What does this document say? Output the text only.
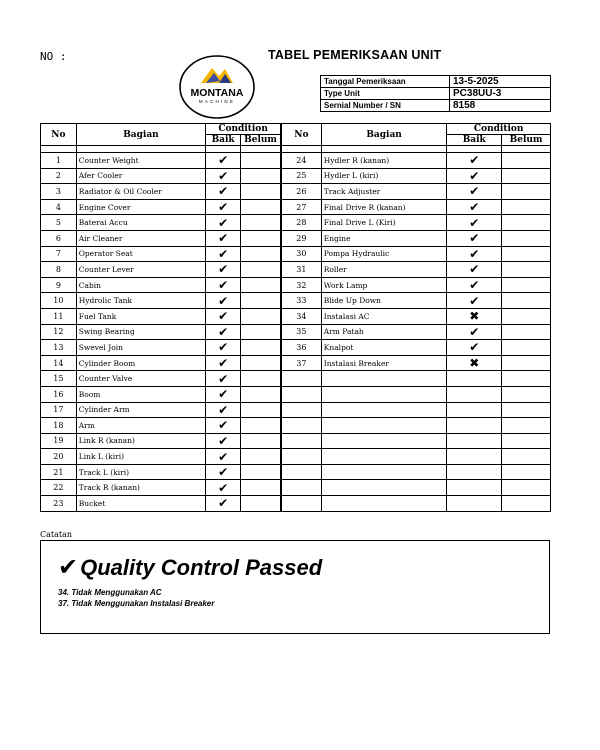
NO :	TABEL PEMERIKSAAN UNIT
MONTANA
MACHINE
Tanggal Pemeriksaan	13-5-2025
Type Unit	PC38UU-3
Sernial Number / SN	8158
No	Bagian	Condition	
		Baik	Belum

1	Counter Weight	✔	
2	Afer Cooler	✔	
3	Radiator & Oil Cooler	✔	
4	Engine Cover	✔	
5	Baterai Accu	✔	
6	Air Cleaner	✔	
7	Operator Seat	✔	
8	Counter Lever	✔	
9	Cabin	✔	
10	Hydrolic Tank	✔	
11	Fuel Tank	✔	
12	Swing Bearing	✔	
13	Swevel Join	✔	
14	Cylinder Boom	✔	
15	Counter Valve	✔	
16	Boom	✔	
17	Cylinder Arm	✔	
18	Arm	✔	
19	Link R (kanan)	✔	
20	Link L (kiri)	✔	
21	Track L (kiri)	✔	
22	Track R (kanan)	✔	
23	Bucket	✔	
No	Bagian	Condition	
		Baik	Belum

24	Hydler R (kanan)	✔	
25	Hydler L (kiri)	✔	
26	Track Adjuster	✔	
27	Final Drive R (kanan)	✔	
28	Final Drive L (Kiri)	✔	
29	Engine	✔	
30	Pompa Hydraulic	✔	
31	Roller	✔	
32	Work Lamp	✔	
33	Blide Up Down	✔	
34	Instalasi AC	✖	
35	Arm Patah	✔	
36	Knalpot	✔	
37	Instalasi Breaker	✖	

Catatan
✔Quality Control Passed
34. Tidak Menggunakan AC
37. Tidak Menggunakan Instalasi Breaker
